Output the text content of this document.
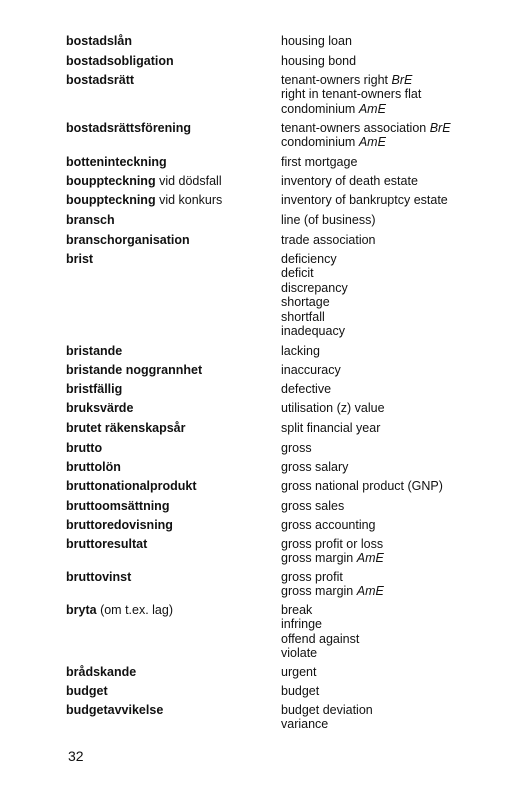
bostadslån	housing loan
bostadsobligation	housing bond
bostadsrätt	tenant-owners right BrE
right in tenant-owners flat
condominium AmE
bostadsrättsförening	tenant-owners association BrE
condominium AmE
botteninteckning	first mortgage
bouppteckning vid dödsfall	inventory of death estate
bouppteckning vid konkurs	inventory of bankruptcy estate
bransch	line (of business)
branschorganisation	trade association
brist	deficiency
deficit
discrepancy
shortage
shortfall
inadequacy
bristande	lacking
bristande noggrannhet	inaccuracy
bristfällig	defective
bruksvärde	utilisation (z) value
brutet räkenskapsår	split financial year
brutto	gross
bruttolön	gross salary
bruttonationalprodukt	gross national product (GNP)
bruttoomsättning	gross sales
bruttoredovisning	gross accounting
bruttoresultat	gross profit or loss
gross margin AmE
bruttovinst	gross profit
gross margin AmE
bryta (om t.ex. lag)	break
infringe
offend against
violate
brådskande	urgent
budget	budget
budgetavvikelse	budget deviation
variance
32
